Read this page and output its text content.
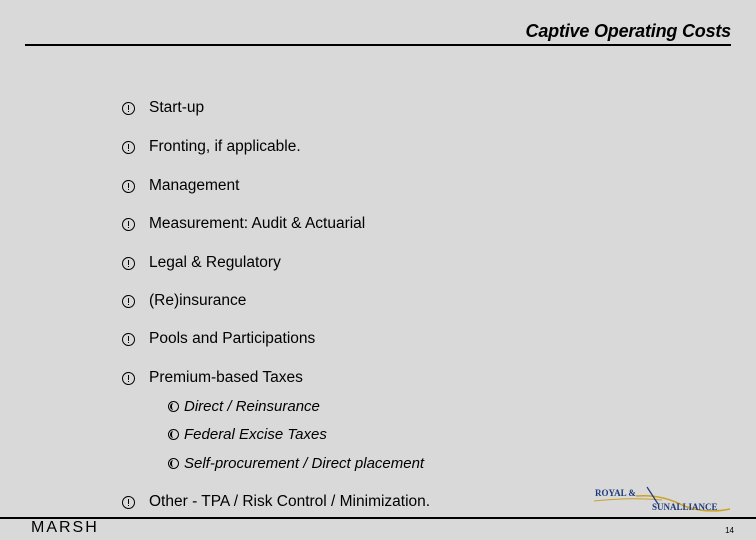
Captive Operating Costs
Start-up
Fronting, if applicable.
Management
Measurement: Audit & Actuarial
Legal & Regulatory
(Re)insurance
Pools and Participations
Premium-based Taxes
Direct / Reinsurance
Federal Excise Taxes
Self-procurement / Direct placement
Other - TPA / Risk Control / Minimization.	ROYAL &
SUNALLIANCE
MARSH	14
